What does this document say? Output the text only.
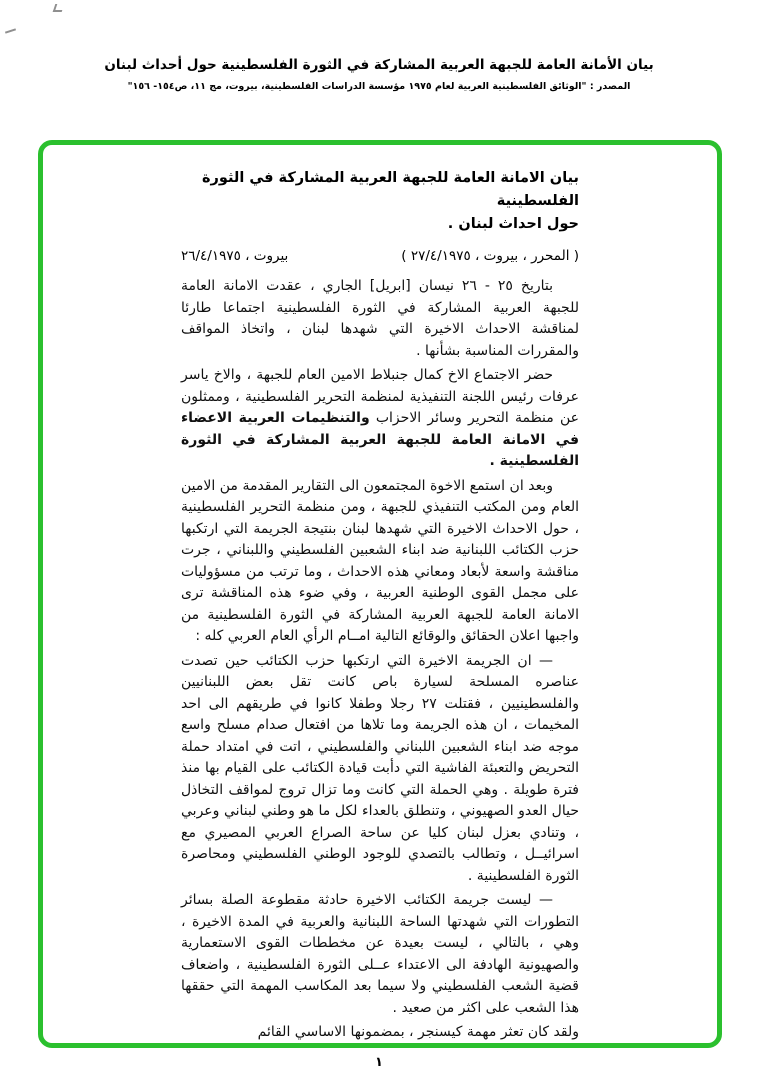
بيان الأمانة العامة للجبهة العربية المشاركة في الثورة الفلسطينية حول أحداث لبنان
المصدر : "الوثائق الفلسطينية العربية لعام ١٩٧٥ مؤسسة الدراسات الفلسطينية، بيروت، مج ١١، ص١٥٤- ١٥٦"
بيان الامانة العامة للجبهة العربية المشاركة في الثورة الفلسطينية
حول احداث لبنان .
( المحرر ، بيروت ، ٢٧/٤/١٩٧٥ )
بيروت ، ٢٦/٤/١٩٧٥

بتاريخ ٢٥ - ٢٦ نيسان [ابريل] الجاري ، عقدت الامانة العامة للجبهة العربية المشاركة في الثورة الفلسطينية اجتماعا طارئا لمناقشة الاحداث الاخيرة التي شهدها لبنان ، واتخاذ المواقف والمقررات المناسبة بشأنها .

حضر الاجتماع الاخ كمال جنبلاط الامين العام للجبهة ، والاخ ياسر عرفات رئيس اللجنة التنفيذية لمنظمة التحرير الفلسطينية ، وممثلون عن منظمة التحرير وسائر الاحزاب والتنظيمات العربية الاعضاء في الامانة العامة للجبهة العربية المشاركة في الثورة الفلسطينية .

وبعد ان استمع الاخوة المجتمعون الى التقارير المقدمة من الامين العام ومن المكتب التنفيذي للجبهة ، ومن منظمة التحرير الفلسطينية ، حول الاحداث الاخيرة التي شهدها لبنان بنتيجة الجريمة التي ارتكبها حزب الكتائب اللبنانية ضد ابناء الشعبين الفلسطيني واللبناني ، جرت مناقشة واسعة لأبعاد ومعاني هذه الاحداث ، وما ترتب من مسؤوليات على مجمل القوى الوطنية العربية ، وفي ضوء هذه المناقشة ترى الامانة العامة للجبهة العربية المشاركة في الثورة الفلسطينية من واجبها اعلان الحقائق والوقائع التالية امــام الرأي العام العربي كله :

— ان الجريمة الاخيرة التي ارتكبها حزب الكتائب حين تصدت عناصره المسلحة لسيارة باص كانت تقل بعض اللبنانيين والفلسطينيين ، فقتلت ٢٧ رجلا وطفلا كانوا في طريقهم الى احد المخيمات ، ان هذه الجريمة وما تلاها من افتعال صدام مسلح واسع موجه ضد ابناء الشعبين اللبناني والفلسطيني ، اتت في امتداد حملة التحريض والتعبئة الفاشية التي دأبت قيادة الكتائب على القيام بها منذ فترة طويلة . وهي الحملة التي كانت وما تزال تروج لمواقف التخاذل حيال العدو الصهيوني ، وتنطلق بالعداء لكل ما هو وطني لبناني وعربي ، وتنادي بعزل لبنان كليا عن ساحة الصراع العربي المصيري مع اسرائيــل ، وتطالب بالتصدي للوجود الوطني الفلسطيني ومحاصرة الثورة الفلسطينية .

— ليست جريمة الكتائب الاخيرة حادثة مقطوعة الصلة بسائر التطورات التي شهدتها الساحة اللبنانية والعربية في المدة الاخيرة ، وهي ، بالتالي ، ليست بعيدة عن مخططات القوى الاستعمارية والصهيونية الهادفة الى الاعتداء عــلى الثورة الفلسطينية ، واضعاف قضية الشعب الفلسطيني ولا سيما بعد المكاسب المهمة التي حققها هذا الشعب على اكثر من صعيد .

ولقد كان تعثر مهمة كيسنجر ، بمضمونها الاساسي القائم

١
